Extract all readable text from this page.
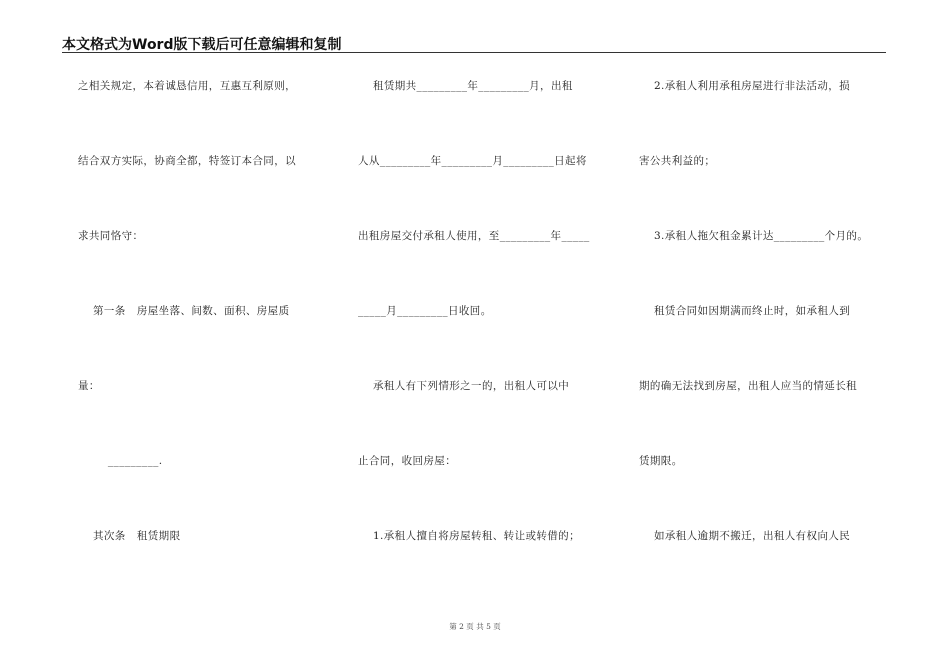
本文格式为Word版下载后可任意编辑和复制
之相关规定，本着诚恳信用，互惠互利原则，
结合双方实际，协商全都，特签订本合同，以
求共同恪守：
第一条   房屋坐落、间数、面积、房屋质
量：
_________.
其次条   租赁期限
租赁期共_________年_________月，出租
人从_________年_________月_________日起将
出租房屋交付承租人使用，至_________年_____
_____月_________日收回。
承租人有下列情形之一的，出租人可以中
止合同，收回房屋：
1.承租人擅自将房屋转租、转让或转借的；
2.承租人利用承租房屋进行非法活动，损
害公共利益的；
3.承租人拖欠租金累计达_________个月的。
租赁合同如因期满而终止时，如承租人到
期的确无法找到房屋，出租人应当的情延长租
赁期限。
如承租人逾期不搬迁，出租人有权向人民
第 2 页 共 5 页
